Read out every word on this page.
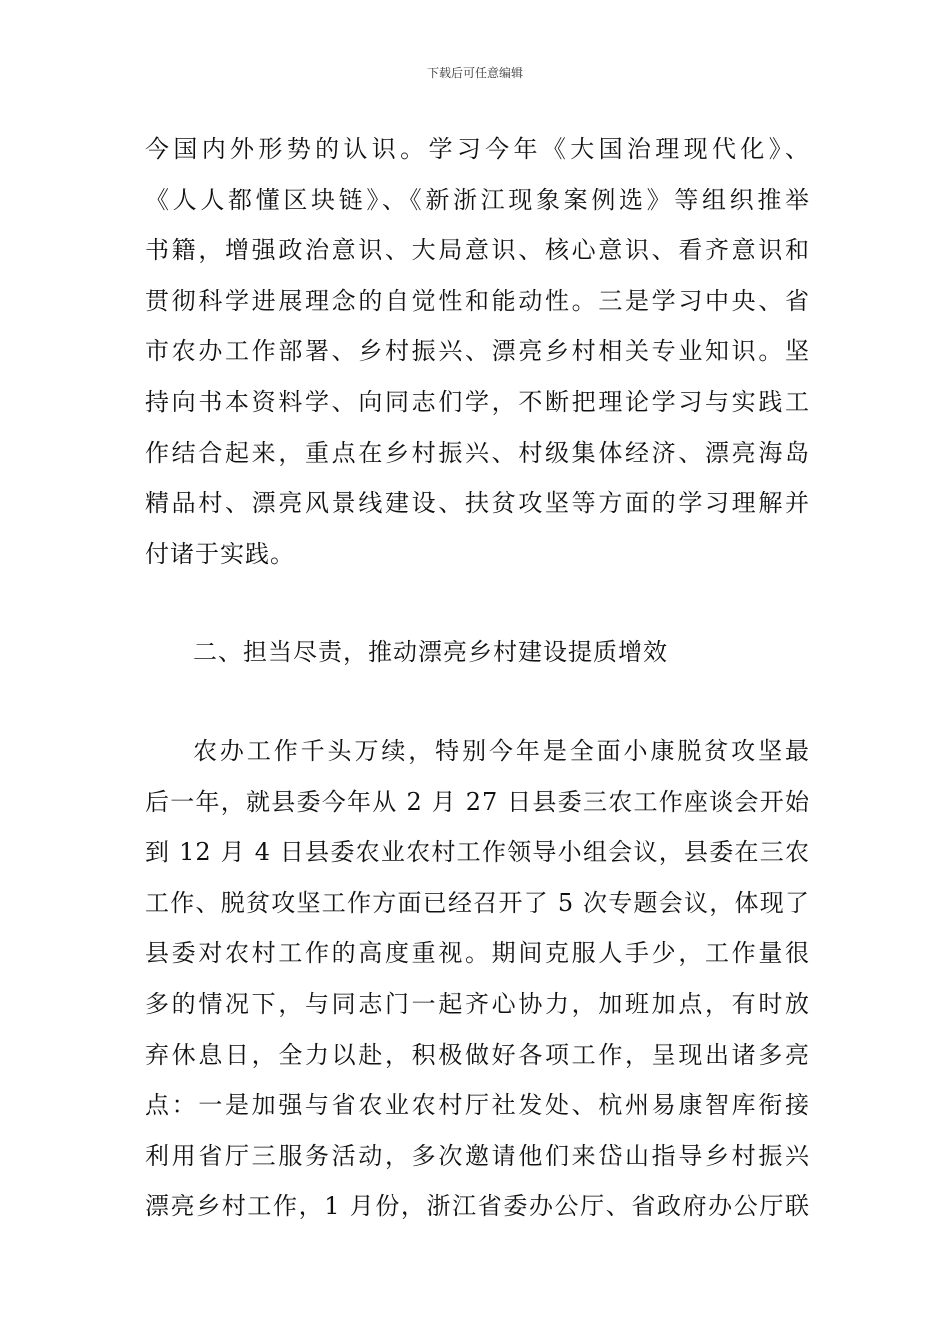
下载后可任意编辑
今国内外形势的认识。学习今年《大国治理现代化》、
《人人都懂区块链》、《新浙江现象案例选》等组织推举
书籍，增强政治意识、大局意识、核心意识、看齐意识和
贯彻科学进展理念的自觉性和能动性。三是学习中央、省
市农办工作部署、乡村振兴、漂亮乡村相关专业知识。坚
持向书本资料学、向同志们学，不断把理论学习与实践工
作结合起来，重点在乡村振兴、村级集体经济、漂亮海岛
精品村、漂亮风景线建设、扶贫攻坚等方面的学习理解并
付诸于实践。
二、担当尽责，推动漂亮乡村建设提质增效
农办工作千头万续，特别今年是全面小康脱贫攻坚最
后一年，就县委今年从 2 月 27 日县委三农工作座谈会开始
到 12 月 4 日县委农业农村工作领导小组会议，县委在三农
工作、脱贫攻坚工作方面已经召开了 5 次专题会议，体现了
县委对农村工作的高度重视。期间克服人手少，工作量很
多的情况下，与同志门一起齐心协力，加班加点，有时放
弃休息日，全力以赴，积极做好各项工作，呈现出诸多亮
点：一是加强与省农业农村厅社发处、杭州易康智库衔接
利用省厅三服务活动，多次邀请他们来岱山指导乡村振兴
漂亮乡村工作，1 月份，浙江省委办公厅、省政府办公厅联
